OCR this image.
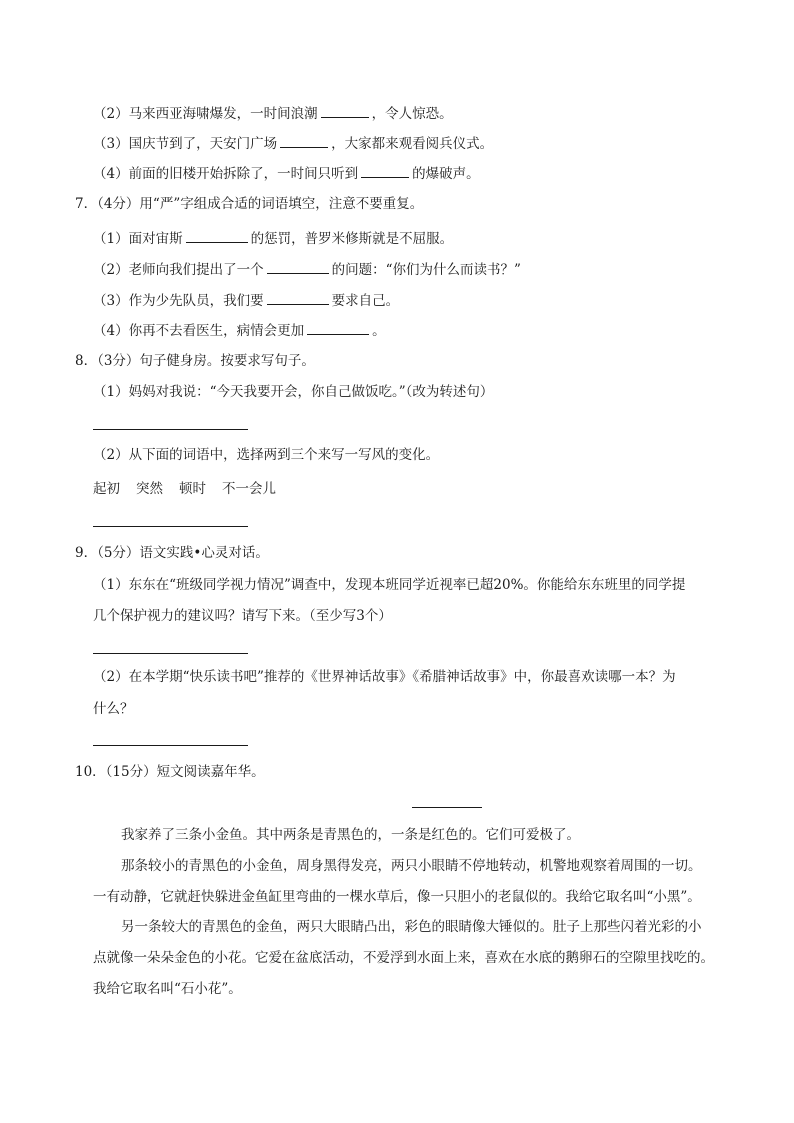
（2）马来西亚海啸爆发，一时间浪潮	，令人惊恐。
（3）国庆节到了，天安门广场	，大家都来观看阅兵仪式。
（4）前面的旧楼开始拆除了，一时间只听到	的爆破声。
7．（4分）用“严”字组成合适的词语填空，注意不要重复。
（1）面对宙斯	的惩罚，普罗米修斯就是不屈服。
（2）老师向我们提出了一个	的问题：“你们为什么而读书？”
（3）作为少先队员，我们要	要求自己。
（4）你再不去看医生，病情会更加	。
8．（3分）句子健身房。按要求写句子。
（1）妈妈对我说：“今天我要开会，你自己做饭吃。”（改为转述句）
（2）从下面的词语中，选择两到三个来写一写风的变化。
起初 突然 顿时 不一会儿
9．（5分）语文实践•心灵对话。
（1）东东在“班级同学视力情况”调查中，发现本班同学近视率已超20%。你能给东东班里的同学提
几个保护视力的建议吗？请写下来。（至少写3个）
（2）在本学期“快乐读书吧”推荐的《世界神话故事》《希腊神话故事》中，你最喜欢读哪一本？为
什么？
10．（15分）短文阅读嘉年华。
我家养了三条小金鱼。其中两条是青黑色的，一条是红色的。它们可爱极了。
那条较小的青黑色的小金鱼，周身黑得发亮，两只小眼睛不停地转动，机警地观察着周围的一切。
一有动静，它就赶快躲进金鱼缸里弯曲的一棵水草后，像一只胆小的老鼠似的。我给它取名叫“小黑”。
另一条较大的青黑色的金鱼，两只大眼睛凸出，彩色的眼睛像大锤似的。肚子上那些闪着光彩的小
点就像一朵朵金色的小花。它爱在盆底活动，不爱浮到水面上来，喜欢在水底的鹅卵石的空隙里找吃的。
我给它取名叫“石小花”。
